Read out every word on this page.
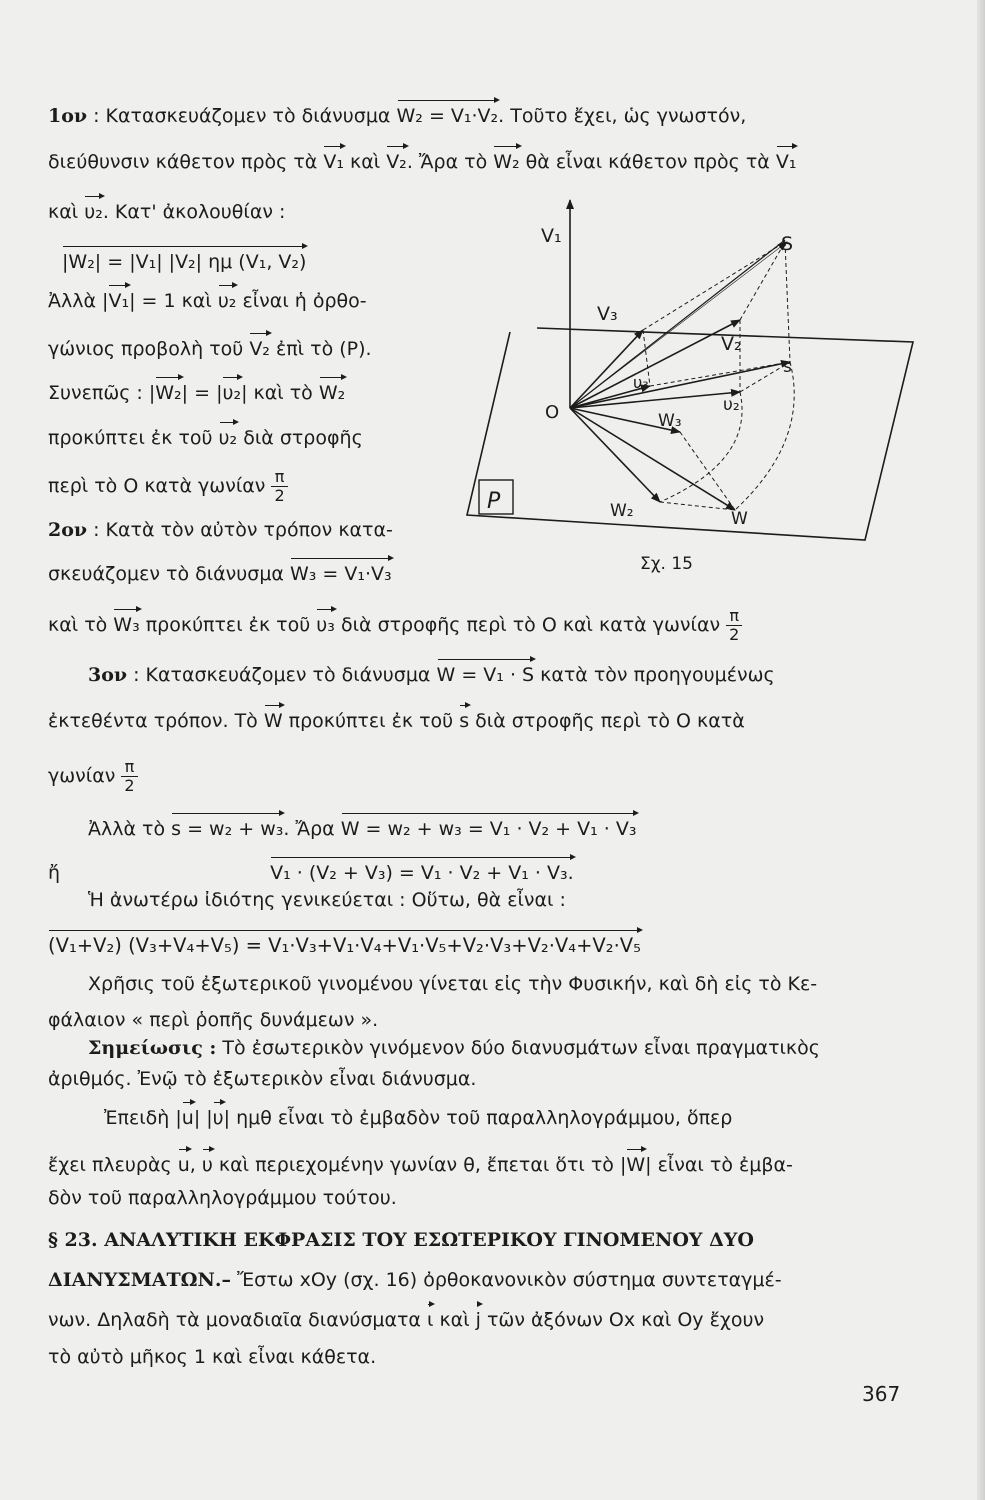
1ον : Κατασκευάζομεν τὸ διάνυσμα W₂ = V₁·V₂. Τοῦτο ἔχει, ὡς γνωστόν,
διεύθυνσιν κάθετον πρὸς τὰ V₁ καὶ V₂. Ἄρα τὸ W₂ θὰ εἶναι κάθετον πρὸς τὰ V₁
καὶ υ₂. Κατ' ἀκολουθίαν :
|W₂| = |V₁| |V₂| ημ (V₁, V₂)
Ἀλλὰ |V₁| = 1 καὶ υ₂ εἶναι ἡ ὀρθο-
γώνιος προβολὴ τοῦ V₂ ἐπὶ τὸ (P).
Συνεπῶς : |W₂| = |υ₂| καὶ τὸ W₂
προκύπτει ἐκ τοῦ υ₂ διὰ στροφῆς
περὶ τὸ Ο κατὰ γωνίαν $\frac{\pi}{2}$
2ον : Κατὰ τὸν αὐτὸν τρόπον κατα-
σκευάζομεν τὸ διάνυσμα W₃ = V₁·V₃
καὶ τὸ W₃ προκύπτει ἐκ τοῦ υ₃ διὰ στροφῆς περὶ τὸ Ο καὶ κατὰ γωνίαν $\frac{\pi}{2}$
3ον : Κατασκευάζομεν τὸ διάνυσμα W = V₁ · S κατὰ τὸν προηγουμένως
ἐκτεθέντα τρόπον. Τὸ W προκύπτει ἐκ τοῦ s διὰ στροφῆς περὶ τὸ Ο κατὰ
γωνίαν $\frac{\pi}{2}$
Ἀλλὰ τὸ s = w₂ + w₃. Ἄρα W = w₂ + w₃ = V₁ · V₂ + V₁ · V₃
ἤ	V₁ · (V₂ + V₃) = V₁ · V₂ + V₁ · V₃.
Ἡ ἀνωτέρω ἰδιότης γενικεύεται : Οὕτω, θὰ εἶναι :
(V₁+V₂) (V₃+V₄+V₅) = V₁·V₃+V₁·V₄+V₁·V₅+V₂·V₃+V₂·V₄+V₂·V₅
Χρῆσις τοῦ ἐξωτερικοῦ γινομένου γίνεται εἰς τὴν Φυσικήν, καὶ δὴ εἰς τὸ Κε-
φάλαιον « περὶ ῥοπῆς δυνάμεων ».
Σημείωσις : Τὸ ἐσωτερικὸν γινόμενον δύο διανυσμάτων εἶναι πραγματικὸς
ἀριθμός. Ἐνῷ τὸ ἐξωτερικὸν εἶναι διάνυσμα.
Ἐπειδὴ |u| |υ| ημθ εἶναι τὸ ἐμβαδὸν τοῦ παραλληλογράμμου, ὅπερ
ἔχει πλευρὰς u, υ καὶ περιεχομένην γωνίαν θ, ἔπεται ὅτι τὸ |W| εἶναι τὸ ἐμβα-
δὸν τοῦ παραλληλογράμμου τούτου.
§ 23. ΑΝΑΛΥΤΙΚΗ ΕΚΦΡΑΣΙΣ ΤΟΥ ΕΣΩΤΕΡΙΚΟΥ ΓΙΝΟΜΕΝΟΥ ΔΥΟ
ΔΙΑΝΥΣΜΑΤΩΝ.– Ἔστω xOy (σχ. 16) ὀρθοκανονικὸν σύστημα συντεταγμέ-
νων. Δηλαδὴ τὰ μοναδιαῖα διανύσματα ι καὶ j τῶν ἀξόνων Ox καὶ Oy ἔχουν
τὸ αὐτὸ μῆκος 1 καὶ εἶναι κάθετα.
V₁	S
V₃
V₂
s
υ₃
υ₂
O	W₃
W₂	W
P
Σχ. 15
367
